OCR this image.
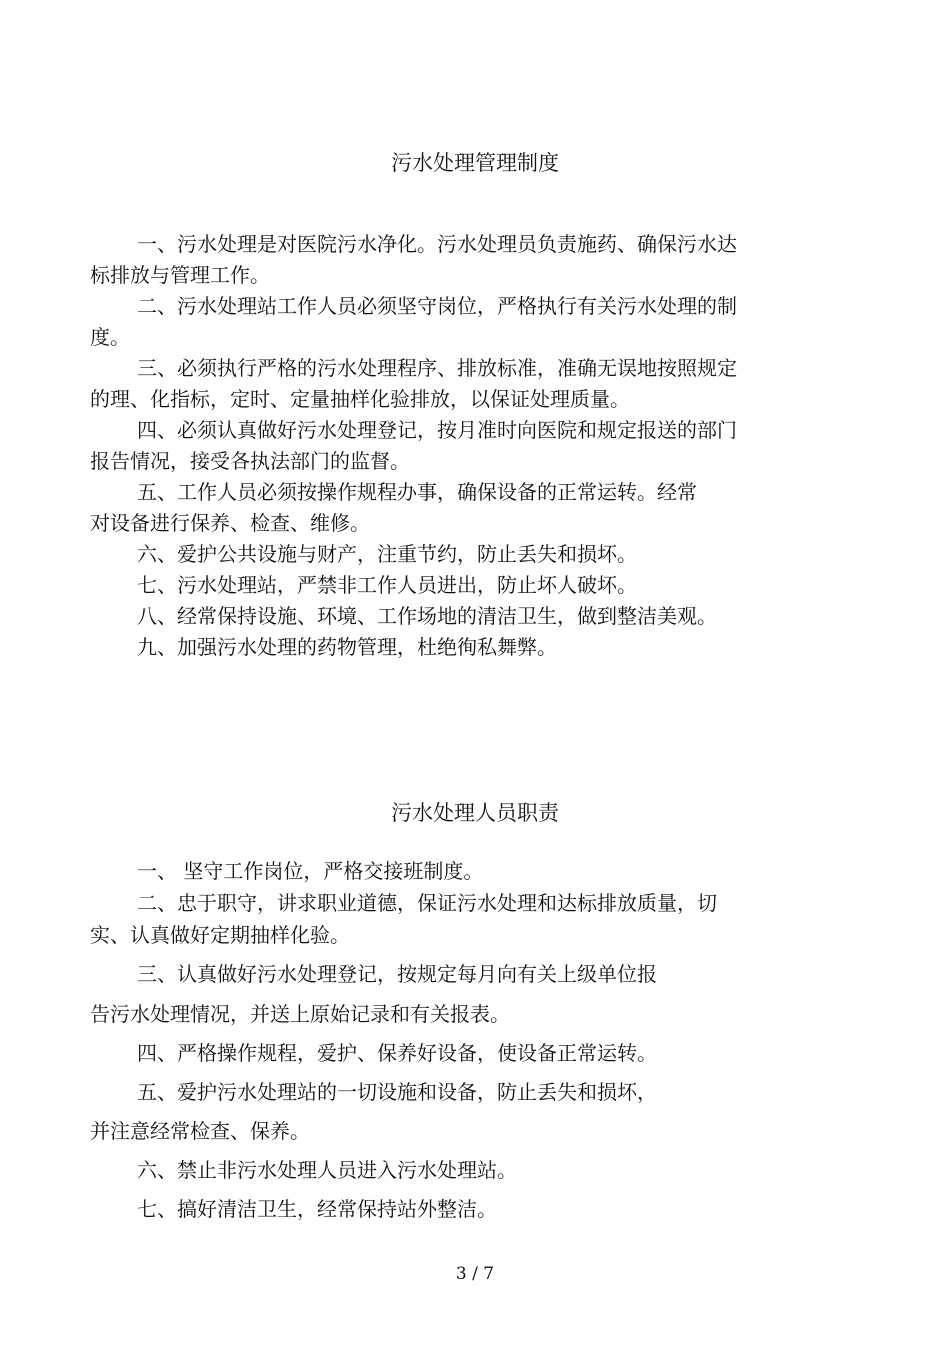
污水处理管理制度
一、污水处理是对医院污水净化。污水处理员负责施药、确保污水达
标排放与管理工作。
二、污水处理站工作人员必须坚守岗位，严格执行有关污水处理的制
度。
三、必须执行严格的污水处理程序、排放标准，准确无误地按照规定
的理、化指标，定时、定量抽样化验排放，以保证处理质量。
四、必须认真做好污水处理登记，按月准时向医院和规定报送的部门
报告情况，接受各执法部门的监督。
五、工作人员必须按操作规程办事，确保设备的正常运转。经常
对设备进行保养、检查、维修。
六、爱护公共设施与财产，注重节约，防止丢失和损坏。
七、污水处理站，严禁非工作人员进出，防止坏人破坏。
八、经常保持设施、环境、工作场地的清洁卫生，做到整洁美观。
九、加强污水处理的药物管理，杜绝徇私舞弊。
污水处理人员职责
一、 坚守工作岗位，严格交接班制度。
二、忠于职守，讲求职业道德，保证污水处理和达标排放质量，切
实、认真做好定期抽样化验。
三、认真做好污水处理登记，按规定每月向有关上级单位报
告污水处理情况，并送上原始记录和有关报表。
四、严格操作规程，爱护、保养好设备，使设备正常运转。
五、爱护污水处理站的一切设施和设备，防止丢失和损坏，
并注意经常检查、保养。
六、禁止非污水处理人员进入污水处理站。
七、搞好清洁卫生，经常保持站外整洁。
3 / 7
